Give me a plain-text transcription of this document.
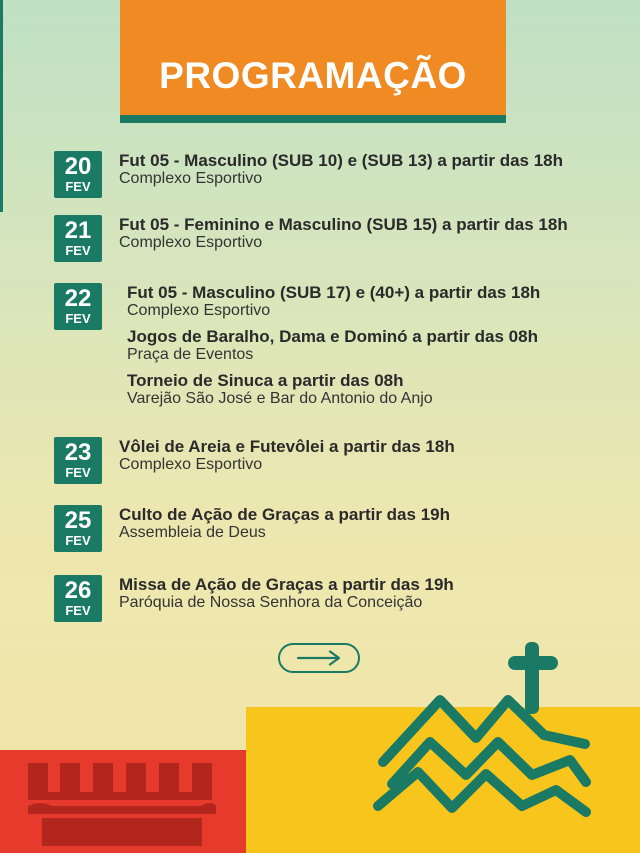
PROGRAMAÇÃO
20
FEV
Fut 05 - Masculino (SUB 10) e (SUB 13) a partir das 18h
Complexo Esportivo
21
FEV
Fut 05 - Feminino e Masculino (SUB 15) a partir das 18h
Complexo Esportivo
22
FEV
Fut 05 - Masculino (SUB 17) e (40+) a partir das 18h
Complexo Esportivo
Jogos de Baralho, Dama e Dominó a partir das 08h
Praça de Eventos
Torneio de Sinuca a partir das 08h
Varejão São José e Bar do Antonio do Anjo
23
FEV
Vôlei de Areia e Futevôlei a partir das 18h
Complexo Esportivo
25
FEV
Culto de Ação de Graças a partir das 19h
Assembleia de Deus
26
FEV
Missa de Ação de Graças a partir das 19h
Paróquia de Nossa Senhora da Conceição
